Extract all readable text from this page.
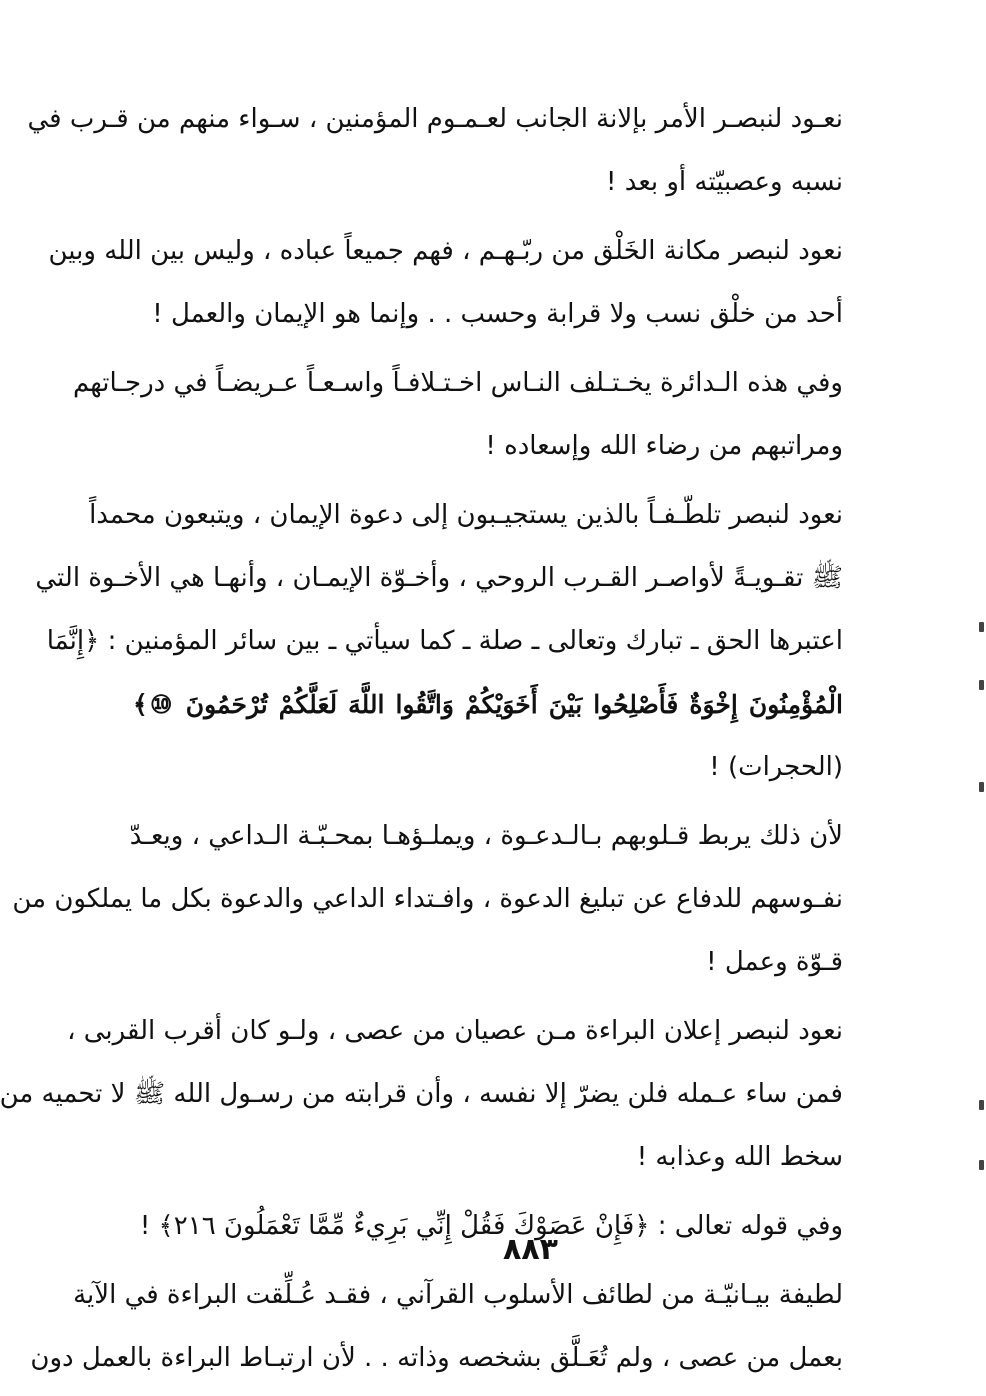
نعـود لنبصـر الأمر بإلانة الجانب لعـمـوم المؤمنين ، سـواء منهم من قـرب في
نسبه وعصبيّته أو بعد !
نعود لنبصر مكانة الخَلْق من ربّـهـم ، فهم جميعاً عباده ، وليس بين الله وبين
أحد من خلْق نسب ولا قرابة وحسب . . وإنما هو الإيمان والعمل !
وفي هذه الـدائرة يخـتـلف النـاس اخـتـلافـاً واسـعـاً عـريضـاً في درجـاتهم
ومراتبهم من رضاء الله وإسعاده !
نعود لنبصر تلطّـفـاً بالذين يستجيـبون إلى دعوة الإيمان ، ويتبعون محمداً
ﷺ تقـويـةً لأواصـر القـرب الروحي ، وأخـوّة الإيمـان ، وأنهـا هي الأخـوة التي
اعتبرها الحق ـ تبارك وتعالى ـ صلة ـ كما سيأتي ـ بين سائر المؤمنين : ﴿إِنَّمَا
الْمُؤْمِنُونَ إِخْوَةٌ فَأَصْلِحُوا بَيْنَ أَخَوَيْكُمْ وَاتَّقُوا اللَّهَ لَعَلَّكُمْ تُرْحَمُونَ ⑩﴾
(الحجرات) !
لأن ذلك يربط قـلوبهم بـالـدعـوة ، ويملـؤهـا بمحـبّـة الـداعي ، ويعـدّ
نفـوسهم للدفاع عن تبليغ الدعوة ، وافـتداء الداعي والدعوة بكل ما يملكون من
قـوّة وعمل !
نعود لنبصر إعلان البراءة مـن عصيان من عصى ، ولـو كان أقرب القربى ،
فمن ساء عـمله فلن يضرّ إلا نفسه ، وأن قرابته من رسـول الله ﷺ لا تحميه من
سخط الله وعذابه !
وفي قوله تعالى : ﴿فَإِنْ عَصَوْكَ فَقُلْ إِنِّي بَرِيءٌ مِّمَّا تَعْمَلُونَ ٢١٦﴾ !
لطيفة بيـانيّـة من لطائف الأسلوب القرآني ، فقـد عُـلِّقت البراءة في الآية
بعمل من عصى ، ولم تُعَـلَّق بشخصه وذاته . . لأن ارتبـاط البراءة بالعمل دون
٨٨٣
